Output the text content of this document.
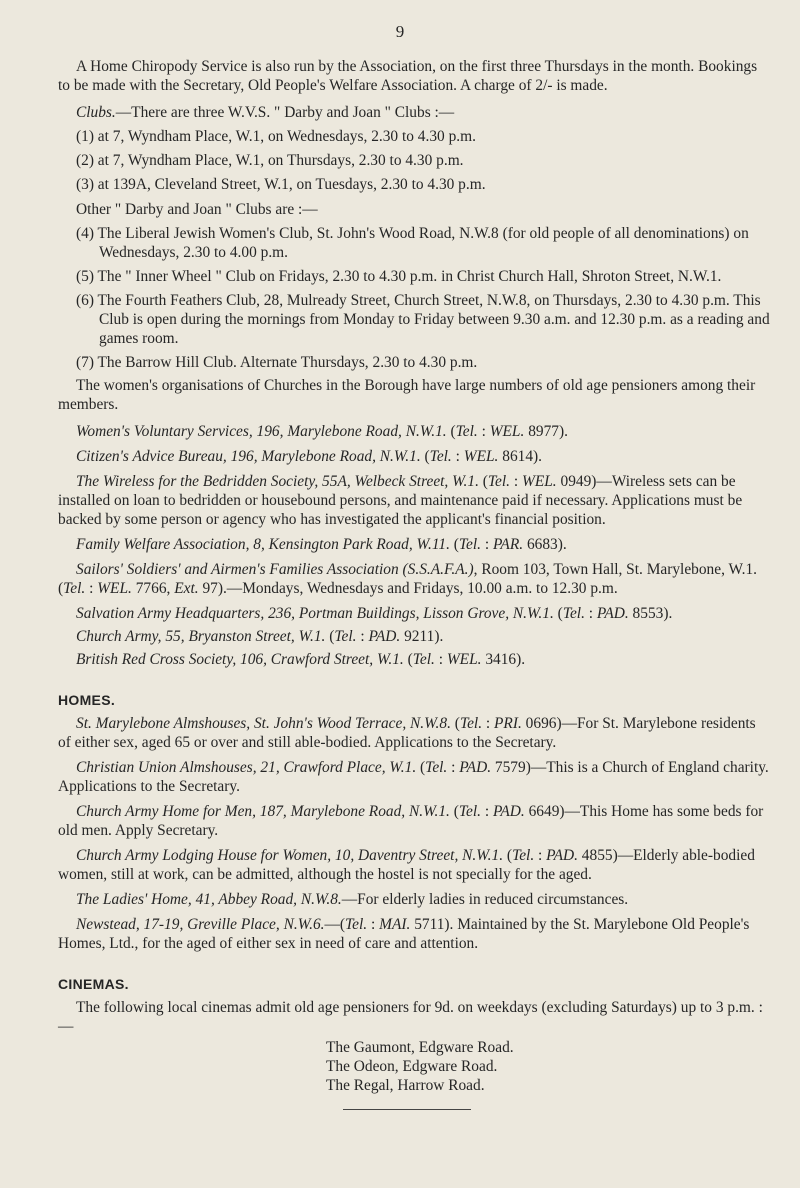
9

A Home Chiropody Service is also run by the Association, on the first three Thursdays in the month. Bookings to be made with the Secretary, Old People's Welfare Association. A charge of 2/- is made.

Clubs.—There are three W.V.S. " Darby and Joan " Clubs :—

(1) at 7, Wyndham Place, W.1, on Wednesdays, 2.30 to 4.30 p.m.

(2) at 7, Wyndham Place, W.1, on Thursdays, 2.30 to 4.30 p.m.

(3) at 139A, Cleveland Street, W.1, on Tuesdays, 2.30 to 4.30 p.m.

Other " Darby and Joan " Clubs are :—

(4) The Liberal Jewish Women's Club, St. John's Wood Road, N.W.8 (for old people of all denominations) on Wednesdays, 2.30 to 4.00 p.m.

(5) The " Inner Wheel " Club on Fridays, 2.30 to 4.30 p.m. in Christ Church Hall, Shroton Street, N.W.1.

(6) The Fourth Feathers Club, 28, Mulready Street, Church Street, N.W.8, on Thursdays, 2.30 to 4.30 p.m. This Club is open during the mornings from Monday to Friday between 9.30 a.m. and 12.30 p.m. as a reading and games room.

(7) The Barrow Hill Club. Alternate Thursdays, 2.30 to 4.30 p.m.

The women's organisations of Churches in the Borough have large numbers of old age pensioners among their members.

Women's Voluntary Services, 196, Marylebone Road, N.W.1. (Tel. : WEL. 8977).

Citizen's Advice Bureau, 196, Marylebone Road, N.W.1. (Tel. : WEL. 8614).

The Wireless for the Bedridden Society, 55A, Welbeck Street, W.1. (Tel. : WEL. 0949)—Wireless sets can be installed on loan to bedridden or housebound persons, and maintenance paid if necessary. Applications must be backed by some person or agency who has investigated the applicant's financial position.

Family Welfare Association, 8, Kensington Park Road, W.11. (Tel. : PAR. 6683).

Sailors' Soldiers' and Airmen's Families Association (S.S.A.F.A.), Room 103, Town Hall, St. Marylebone, W.1. (Tel. : WEL. 7766, Ext. 97).—Mondays, Wednesdays and Fridays, 10.00 a.m. to 12.30 p.m.

Salvation Army Headquarters, 236, Portman Buildings, Lisson Grove, N.W.1. (Tel. : PAD. 8553).

Church Army, 55, Bryanston Street, W.1. (Tel. : PAD. 9211).

British Red Cross Society, 106, Crawford Street, W.1. (Tel. : WEL. 3416).

HOMES.

St. Marylebone Almshouses, St. John's Wood Terrace, N.W.8. (Tel. : PRI. 0696)—For St. Marylebone residents of either sex, aged 65 or over and still able-bodied. Applications to the Secretary.

Christian Union Almshouses, 21, Crawford Place, W.1. (Tel. : PAD. 7579)—This is a Church of England charity. Applications to the Secretary.

Church Army Home for Men, 187, Marylebone Road, N.W.1. (Tel. : PAD. 6649)—This Home has some beds for old men. Apply Secretary.

Church Army Lodging House for Women, 10, Daventry Street, N.W.1. (Tel. : PAD. 4855)—Elderly able-bodied women, still at work, can be admitted, although the hostel is not specially for the aged.

The Ladies' Home, 41, Abbey Road, N.W.8.—For elderly ladies in reduced circumstances.

Newstead, 17-19, Greville Place, N.W.6.—(Tel. : MAI. 5711). Maintained by the St. Marylebone Old People's Homes, Ltd., for the aged of either sex in need of care and attention.

CINEMAS.

The following local cinemas admit old age pensioners for 9d. on weekdays (excluding Saturdays) up to 3 p.m. :—

The Gaumont, Edgware Road.

The Odeon, Edgware Road.

The Regal, Harrow Road.
